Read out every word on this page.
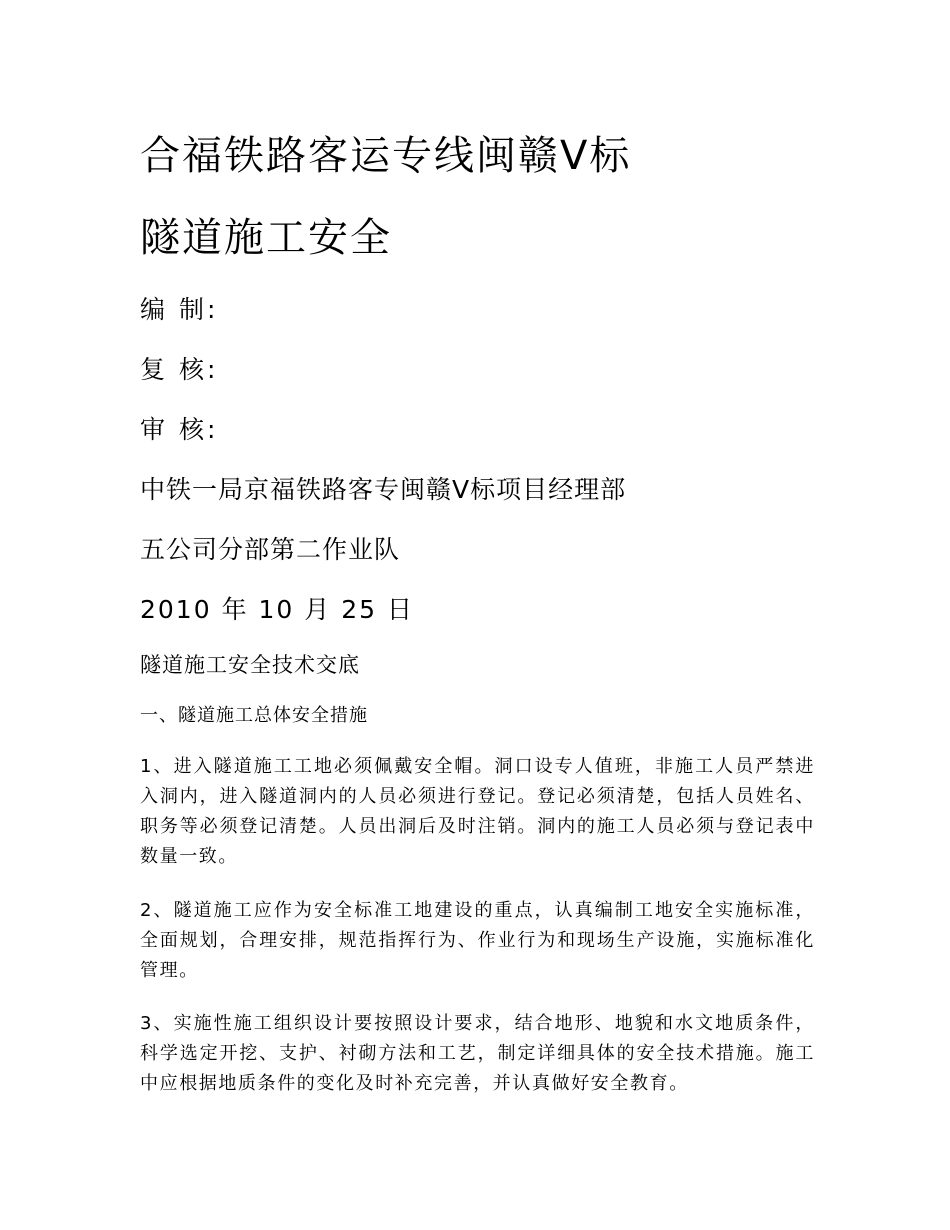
合福铁路客运专线闽赣Ⅴ标
隧道施工安全
编 制:
复 核:
审 核:
中铁一局京福铁路客专闽赣Ⅴ标项目经理部
五公司分部第二作业队
2010 年 10 月 25 日
隧道施工安全技术交底
一、隧道施工总体安全措施
1、进入隧道施工工地必须佩戴安全帽。洞口设专人值班，非施工人员严禁进入洞内，进入隧道洞内的人员必须进行登记。登记必须清楚，包括人员姓名、职务等必须登记清楚。人员出洞后及时注销。洞内的施工人员必须与登记表中数量一致。
2、隧道施工应作为安全标准工地建设的重点，认真编制工地安全实施标准，全面规划，合理安排，规范指挥行为、作业行为和现场生产设施，实施标准化管理。
3、实施性施工组织设计要按照设计要求，结合地形、地貌和水文地质条件，科学选定开挖、支护、衬砌方法和工艺，制定详细具体的安全技术措施。施工中应根据地质条件的变化及时补充完善，并认真做好安全教育。
